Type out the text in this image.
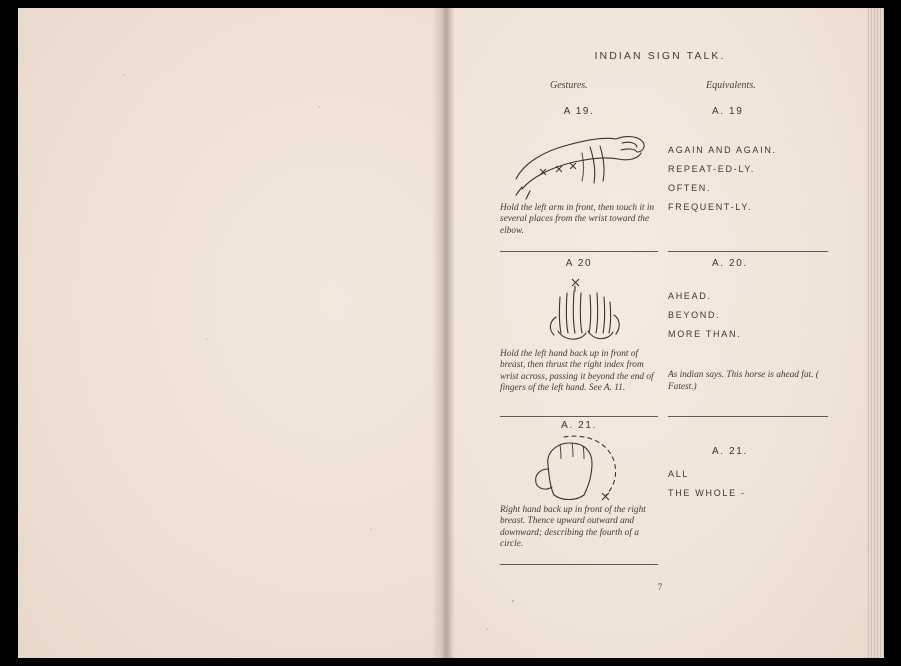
INDIAN SIGN TALK.
Gestures.	Equivalents.
A 19.
Hold the left arm in front, then touch it in several places from the wrist toward the elbow.
A. 19
AGAIN AND AGAIN.
REPEAT-ED-LY.
OFTEN.
FREQUENT-LY.
A 20
Hold the left hand back up in front of breast, then thrust the right index from wrist across, passing it beyond the end of fingers of the left hand. See A. 11.
A. 20.
AHEAD.
BEYOND.
MORE THAN.
As indian says. This horse is ahead fat. ( Fatest.)
A. 21.
Right hand back up in front of the right breast. Thence upward outward and downward; describing the fourth of a circle.
A. 21.
ALL
THE WHOLE -
7
